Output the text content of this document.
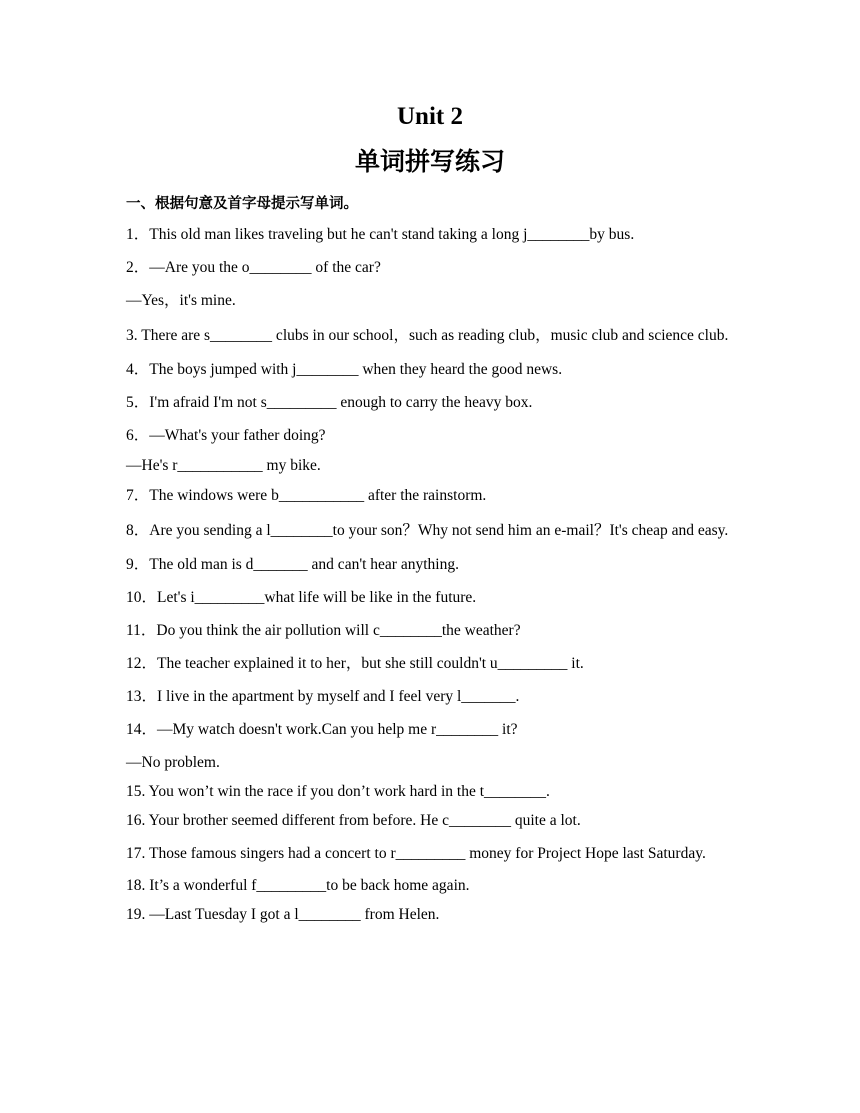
Unit 2
单词拼写练习

一、根据句意及首字母提示写单词。

1．This old man likes traveling but he can't stand taking a long j________by bus.

2．—Are you the o________ of the car?

—Yes，it's mine.

3. There are s________ clubs in our school，such as reading club，music club and science club.

4．The boys jumped with j________ when they heard the good news.

5．I'm afraid I'm not s_________ enough to carry the heavy box.

6．—What's your father doing?

—He's r___________ my bike.

7．The windows were b___________ after the rainstorm.

8．Are you sending a l________to your son？Why not send him an e-mail？It's cheap and easy.

9．The old man is d_______ and can't hear anything.

10．Let's i_________what life will be like in the future.

11．Do you think the air pollution will c________the weather?

12．The teacher explained it to her，but she still couldn't u_________ it.

13．I live in the apartment by myself and I feel very l_______.

14．—My watch doesn't work.Can you help me r________ it?

—No problem.

15. You won’t win the race if you don’t work hard in the t________.

16. Your brother seemed different from before. He c________ quite a lot.

17. Those famous singers had a concert to r_________ money for Project Hope last Saturday.

18. It’s a wonderful f_________to be back home again.

19. —Last Tuesday I got a l________ from Helen.
